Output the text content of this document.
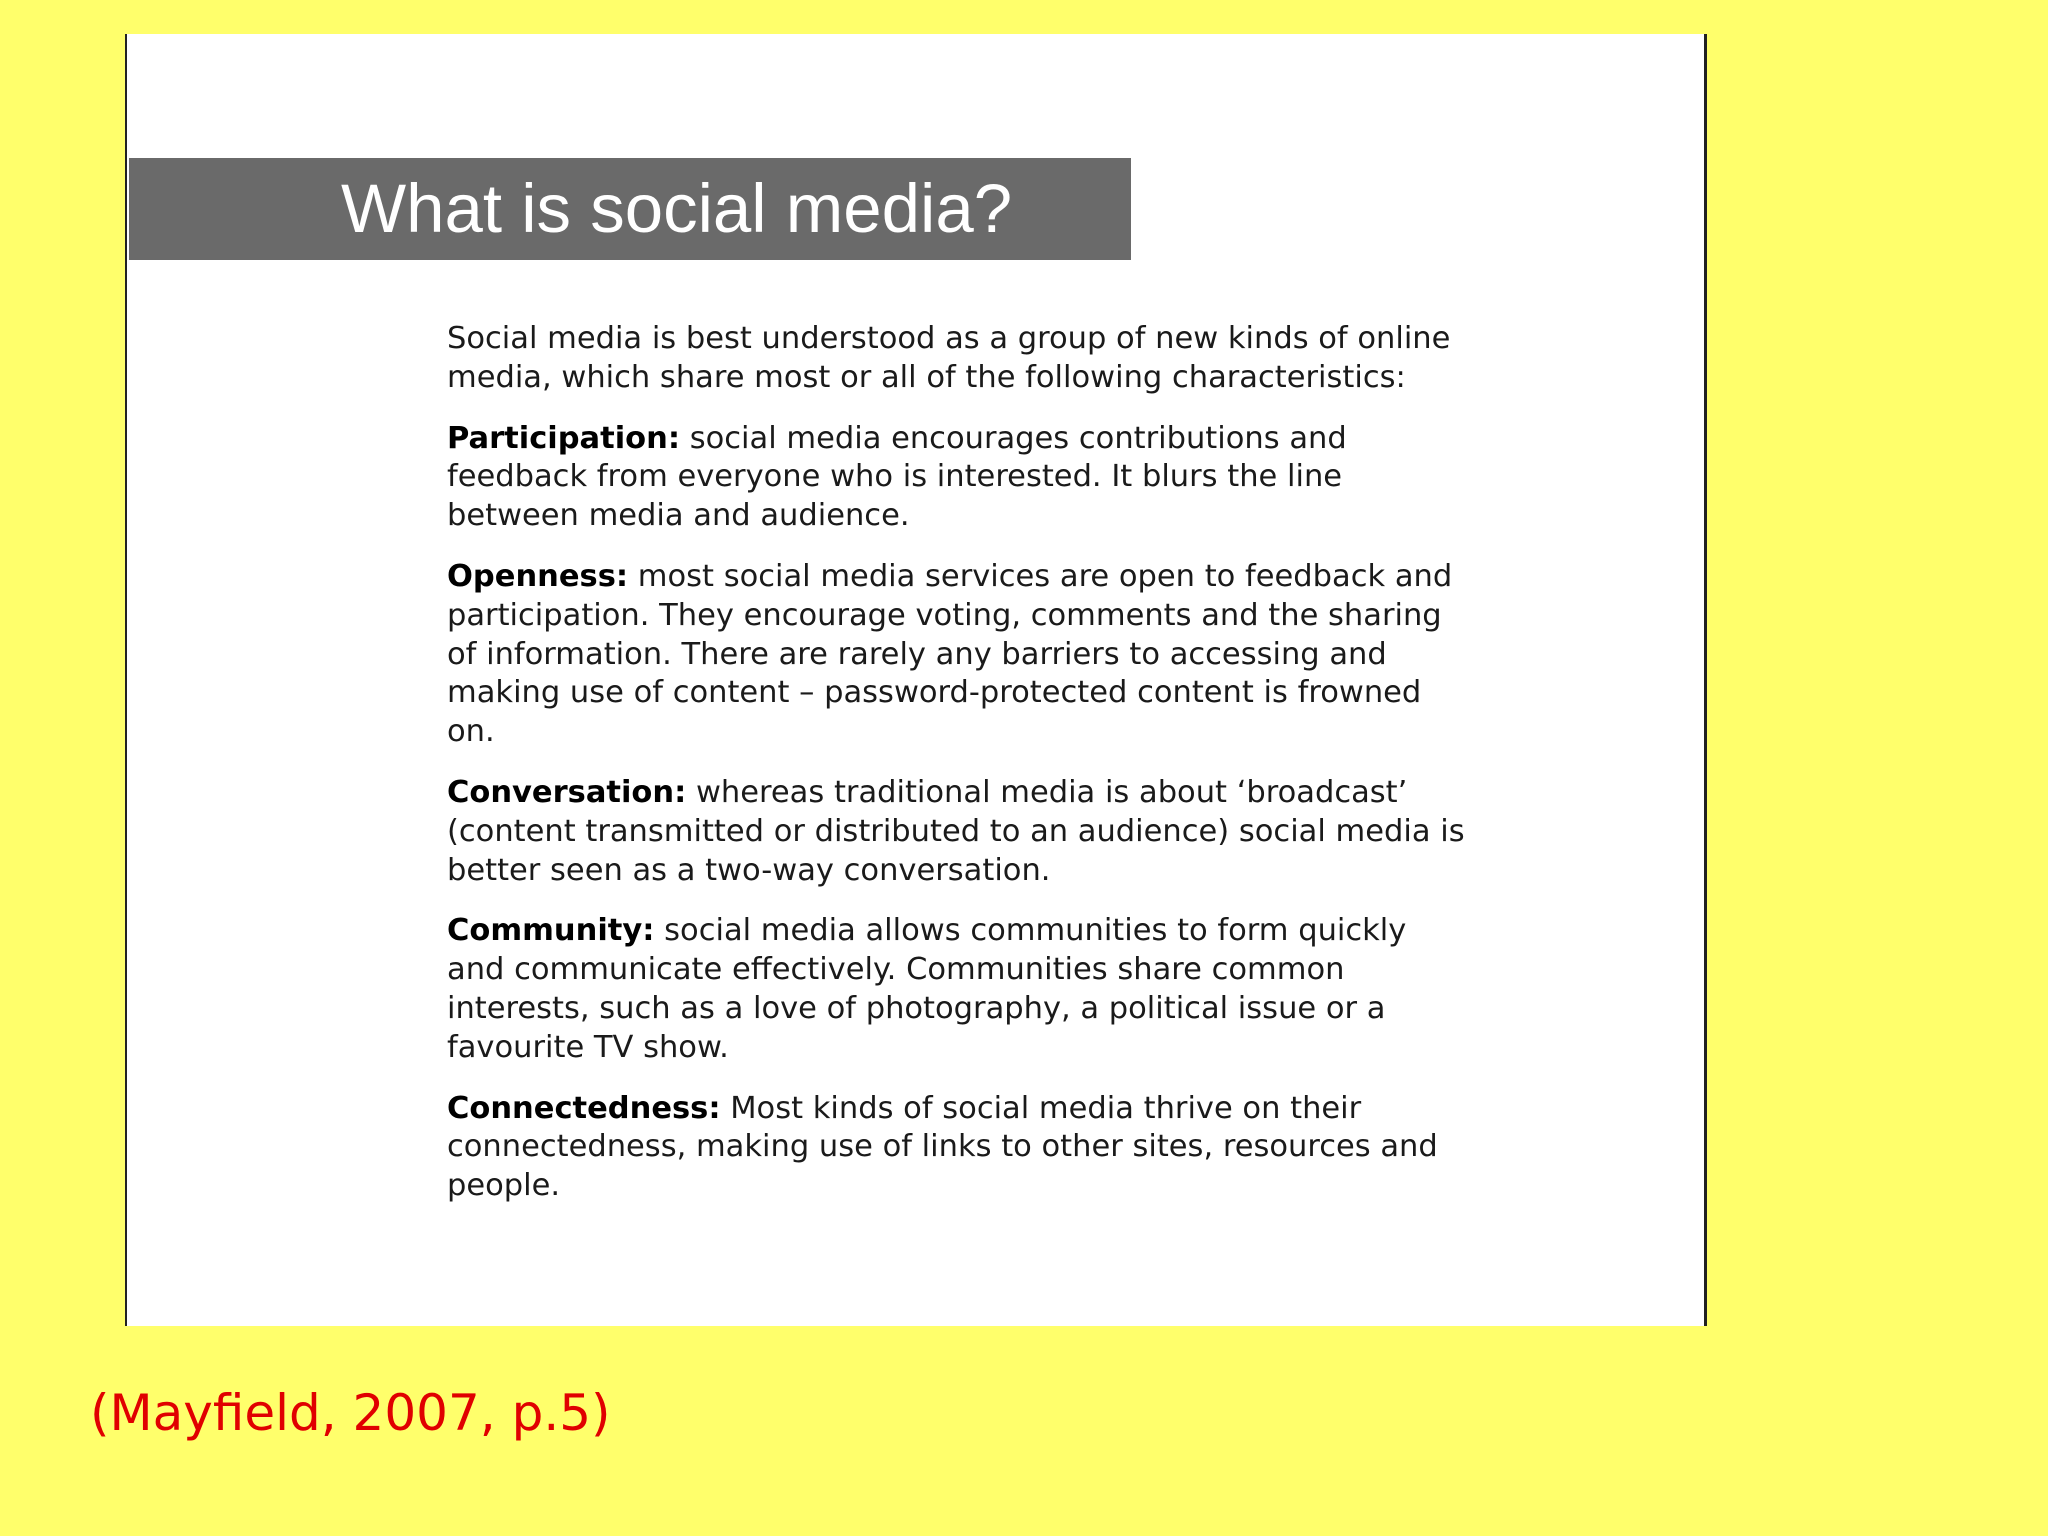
What is social media?

Social media is best understood as a group of new kinds of online media, which share most or all of the following characteristics:

Participation: social media encourages contributions and feedback from everyone who is interested. It blurs the line between media and audience.

Openness: most social media services are open to feedback and participation. They encourage voting, comments and the sharing of information. There are rarely any barriers to accessing and making use of content – password-protected content is frowned on.

Conversation: whereas traditional media is about ‘broadcast’ (content transmitted or distributed to an audience) social media is better seen as a two-way conversation.

Community: social media allows communities to form quickly and communicate effectively. Communities share common interests, such as a love of photography, a political issue or a favourite TV show.

Connectedness: Most kinds of social media thrive on their connectedness, making use of links to other sites, resources and people.

(Mayfield, 2007, p.5)
